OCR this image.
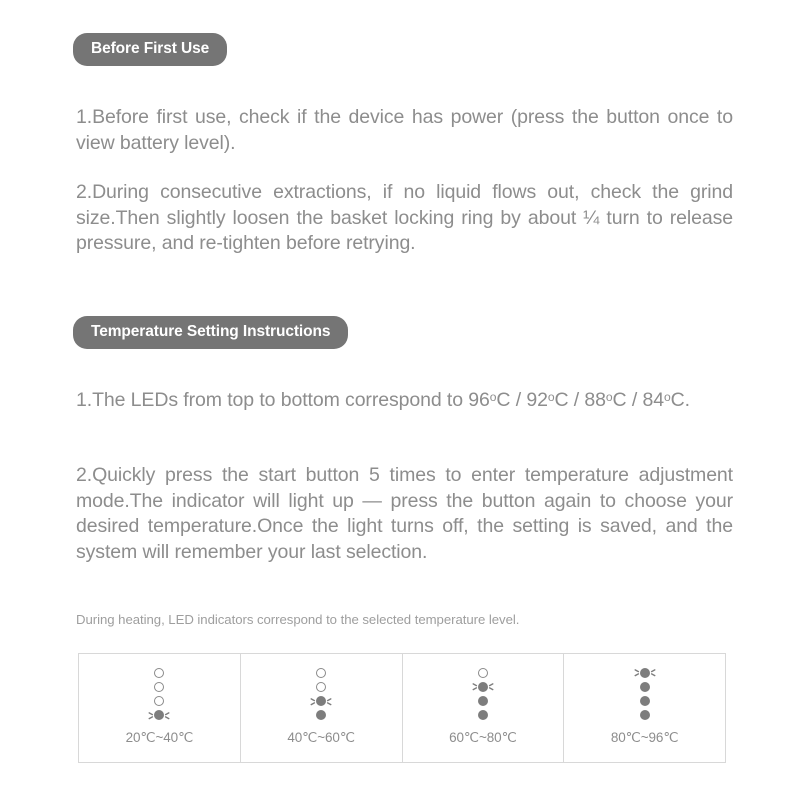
Before First Use

1.Before first use, check if the device has power (press the button once to view battery level).

2.During consecutive extractions, if no liquid flows out, check the grind size.Then slightly loosen the basket locking ring by about ¼ turn to release pressure, and re-tighten before retrying.

Temperature Setting Instructions

1.The LEDs from top to bottom correspond to 96$^o$C / 92$^o$C / 88$^o$C / 84$^o$C.

2.Quickly press the start button 5 times to enter temperature adjustment mode.The indicator will light up — press the button again to choose your desired temperature.Once the light turns off, the setting is saved, and the system will remember your last selection.

During heating, LED indicators correspond to the selected temperature level.

20℃~40℃	40℃~60℃	60℃~80℃	80℃~96℃
